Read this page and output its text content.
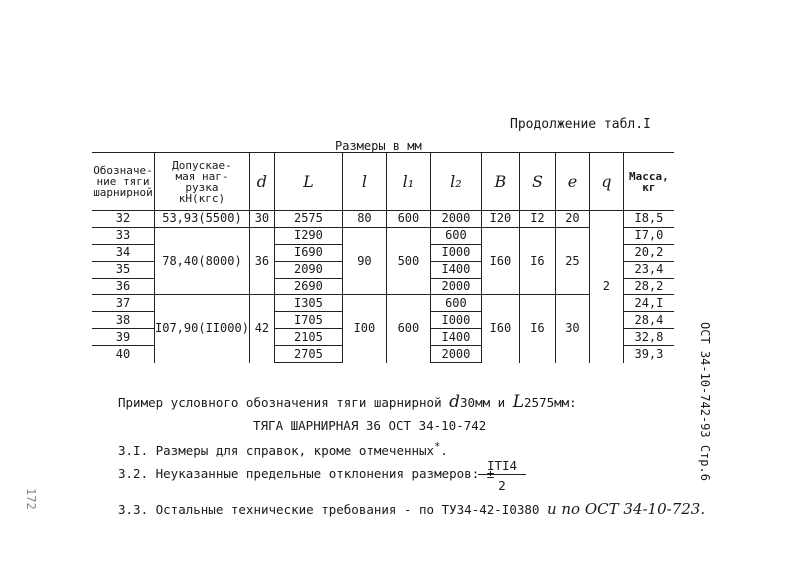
Продолжение табл.I
Размеры в мм
Обозначе-
ние тяги
шарнирной	Допускае-
мая наг-
рузка
кН(кгс)	d	L	l	l₁	l₂	B	S	e	q	Масса,
кг
32	53,93(5500)	30	2575	80	600	2000	I20	I2	20	2	I8,5
33	78,40(8000)	36	I290	90	500	600	I60	I6	25		I7,0
34			I690			I000					20,2
35			2090			I400					23,4
36			2690			2000					28,2
37	I07,90(II000)	42	I305	I00	600	600	I60	I6	30		24,I
38			I705			I000					28,4
39			2105			I400					32,8
40			2705			2000					39,3	ОСТ 34-10-742-93 Стр.6
Пример условного обозначения тяги шарнирной d30мм и L2575мм:
ТЯГА ШАРНИРНАЯ 36 ОСТ 34-10-742
3.I. Размеры для справок, кроме отмеченных*.
3.2. Неуказанные предельные отклонения размеров: ±
ITI4
2
3.3. Остальные технические требования - по ТУ34-42-I0380 и по ОСТ 34-10-723.
172
